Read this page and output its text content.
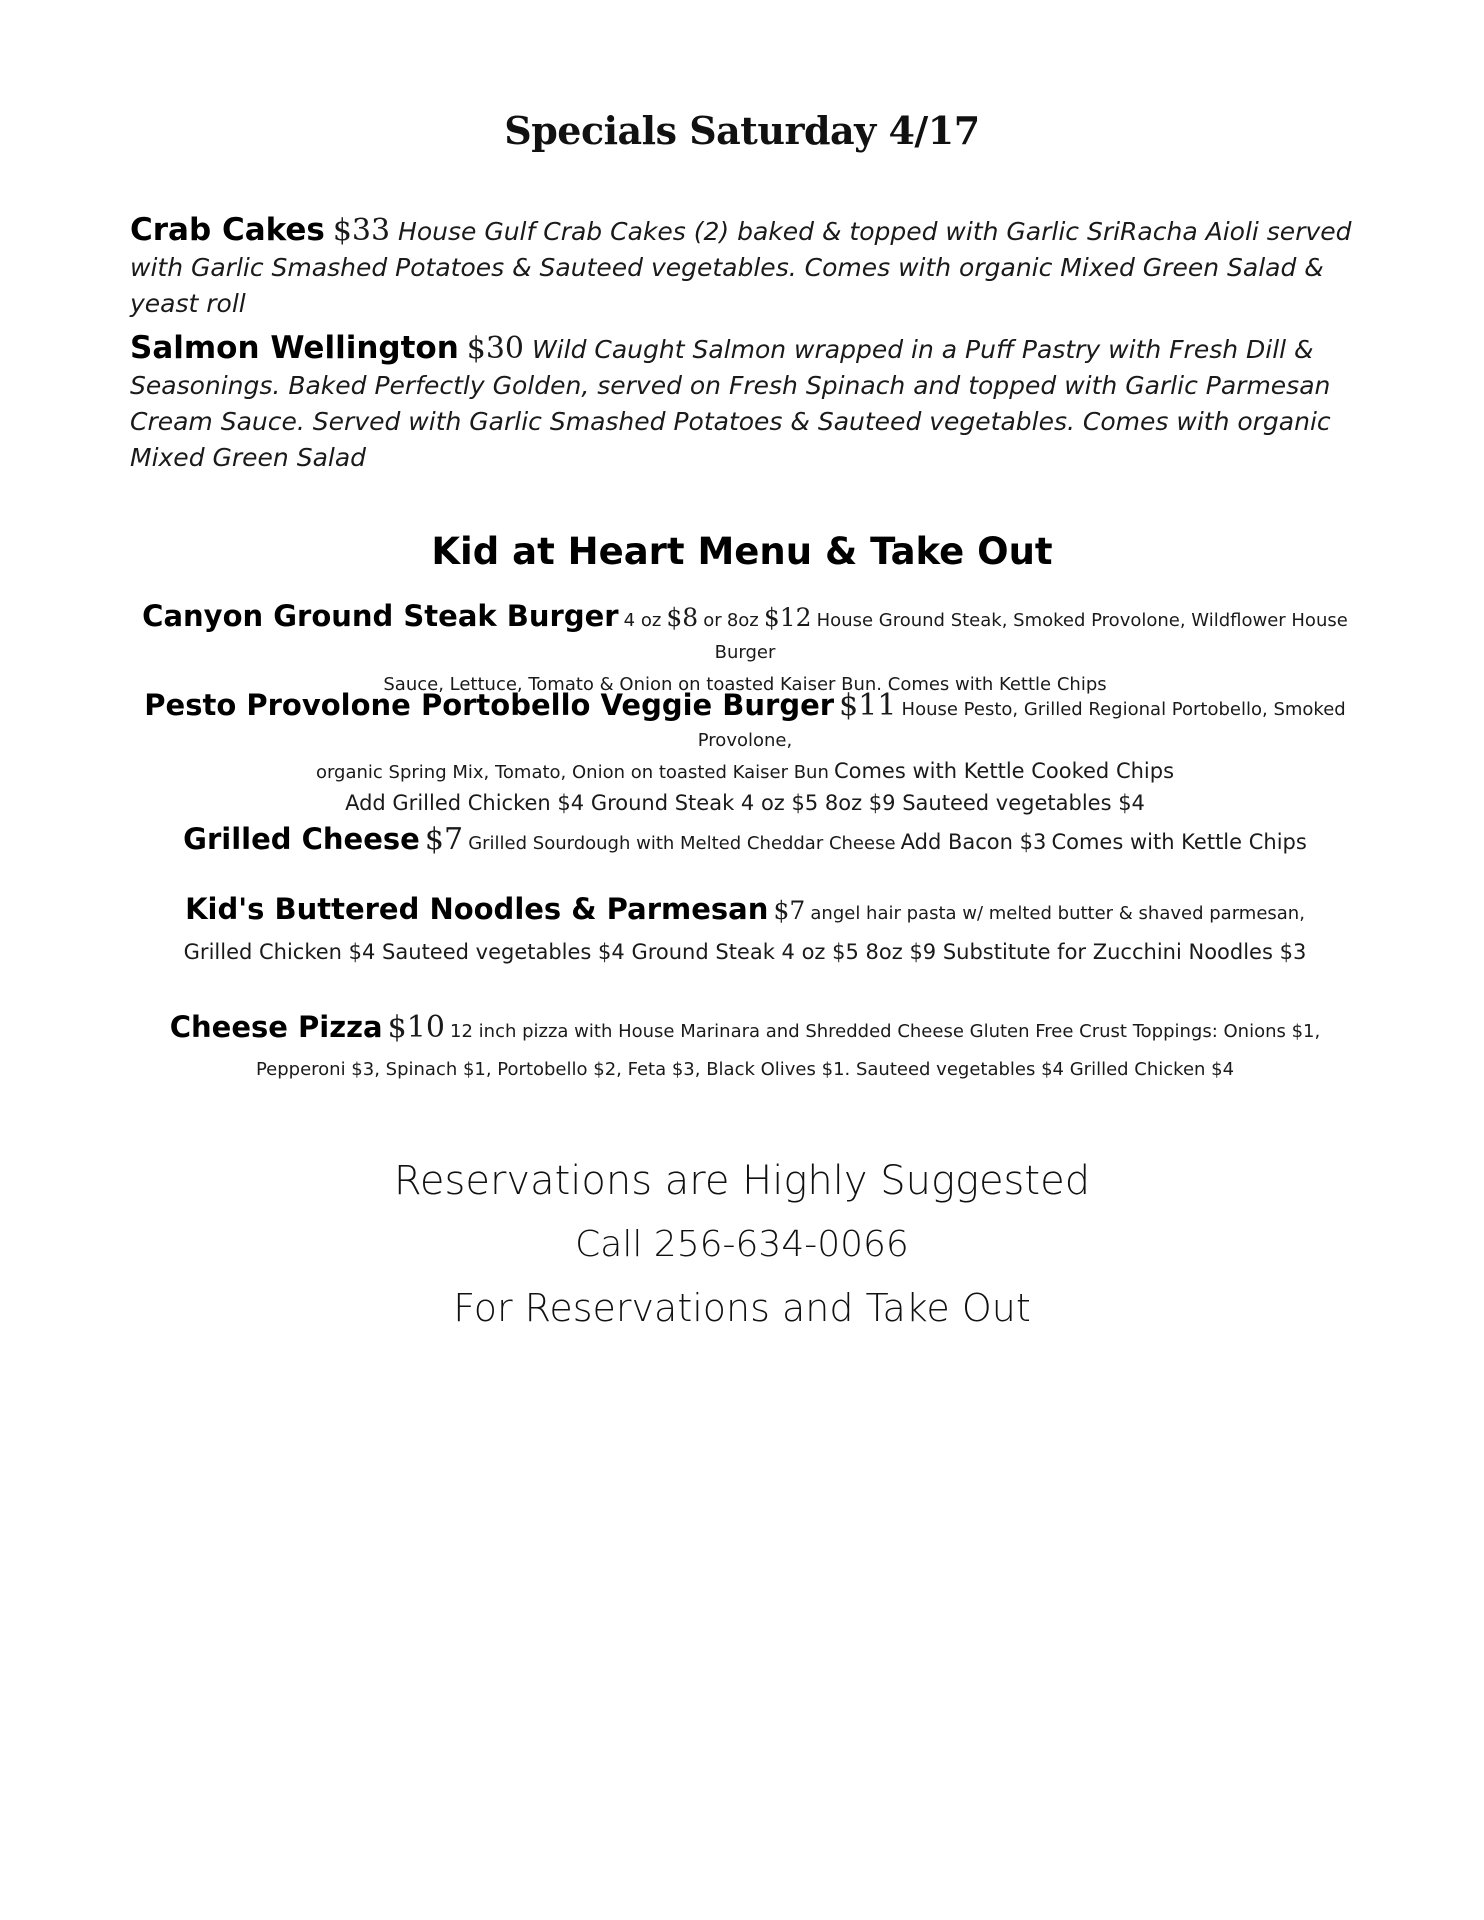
Specials Saturday 4/17
Crab Cakes $33 House Gulf Crab Cakes (2) baked & topped with Garlic SriRacha Aioli served with Garlic Smashed Potatoes & Sauteed vegetables. Comes with organic Mixed Green Salad & yeast roll
Salmon Wellington $30 Wild Caught Salmon wrapped in a Puff Pastry with Fresh Dill & Seasonings. Baked Perfectly Golden, served on Fresh Spinach and topped with Garlic Parmesan Cream Sauce. Served with Garlic Smashed Potatoes & Sauteed vegetables. Comes with organic Mixed Green Salad
Kid at Heart Menu & Take Out
Canyon Ground Steak Burger 4 oz $8 or 8oz $12 House Ground Steak, Smoked Provolone, Wildflower House Burger
Sauce, Lettuce, Tomato & Onion on toasted Kaiser Bun. Comes with Kettle Chips
Pesto Provolone Portobello Veggie Burger $11 House Pesto, Grilled Regional Portobello, Smoked Provolone,
organic Spring Mix, Tomato, Onion on toasted Kaiser Bun Comes with Kettle Cooked Chips
Add Grilled Chicken $4 Ground Steak 4 oz $5 8oz $9 Sauteed vegetables $4
Grilled Cheese $7 Grilled Sourdough with Melted Cheddar Cheese Add Bacon $3 Comes with Kettle Chips
Kid's Buttered Noodles & Parmesan $7 angel hair pasta w/ melted butter & shaved parmesan,
Grilled Chicken $4 Sauteed vegetables $4 Ground Steak 4 oz $5 8oz $9 Substitute for Zucchini Noodles $3
Cheese Pizza $10 12 inch pizza with House Marinara and Shredded Cheese Gluten Free Crust Toppings: Onions $1,
Pepperoni $3, Spinach $1, Portobello $2, Feta $3, Black Olives $1. Sauteed vegetables $4 Grilled Chicken $4
Reservations are Highly Suggested
Call 256-634-0066
For Reservations and Take Out
